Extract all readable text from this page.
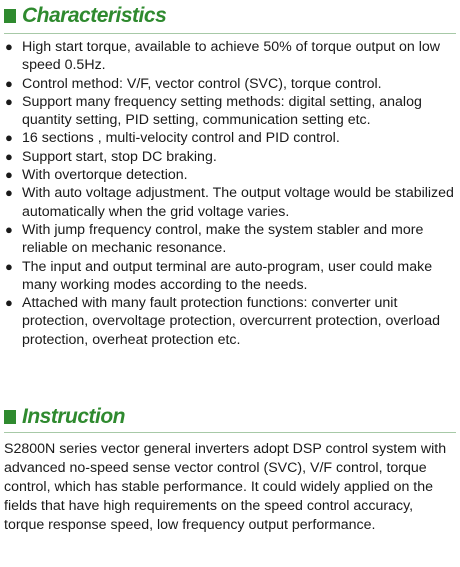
Characteristics
● High start torque, available to achieve 50% of torque output on low speed 0.5Hz.
● Control method: V/F, vector control (SVC), torque control.
● Support many frequency setting methods: digital setting, analog quantity setting, PID setting, communication setting etc.
● 16 sections , multi-velocity control and PID control.
● Support start, stop DC braking.
● With overtorque detection.
● With auto voltage adjustment. The output voltage would be stabilized automatically when the grid voltage varies.
● With jump frequency control, make the system stabler and more reliable on mechanic resonance.
● The input and output terminal are auto-program, user could make many working modes according to the needs.
● Attached with many fault protection functions: converter unit protection, overvoltage protection, overcurrent protection, overload protection, overheat protection etc.
Instruction

S2800N series vector general inverters adopt DSP control system with advanced no-speed sense vector control (SVC), V/F control, torque control, which has stable performance. It could widely applied on the fields that have high requirements on the speed control accuracy, torque response speed, low frequency output performance.
